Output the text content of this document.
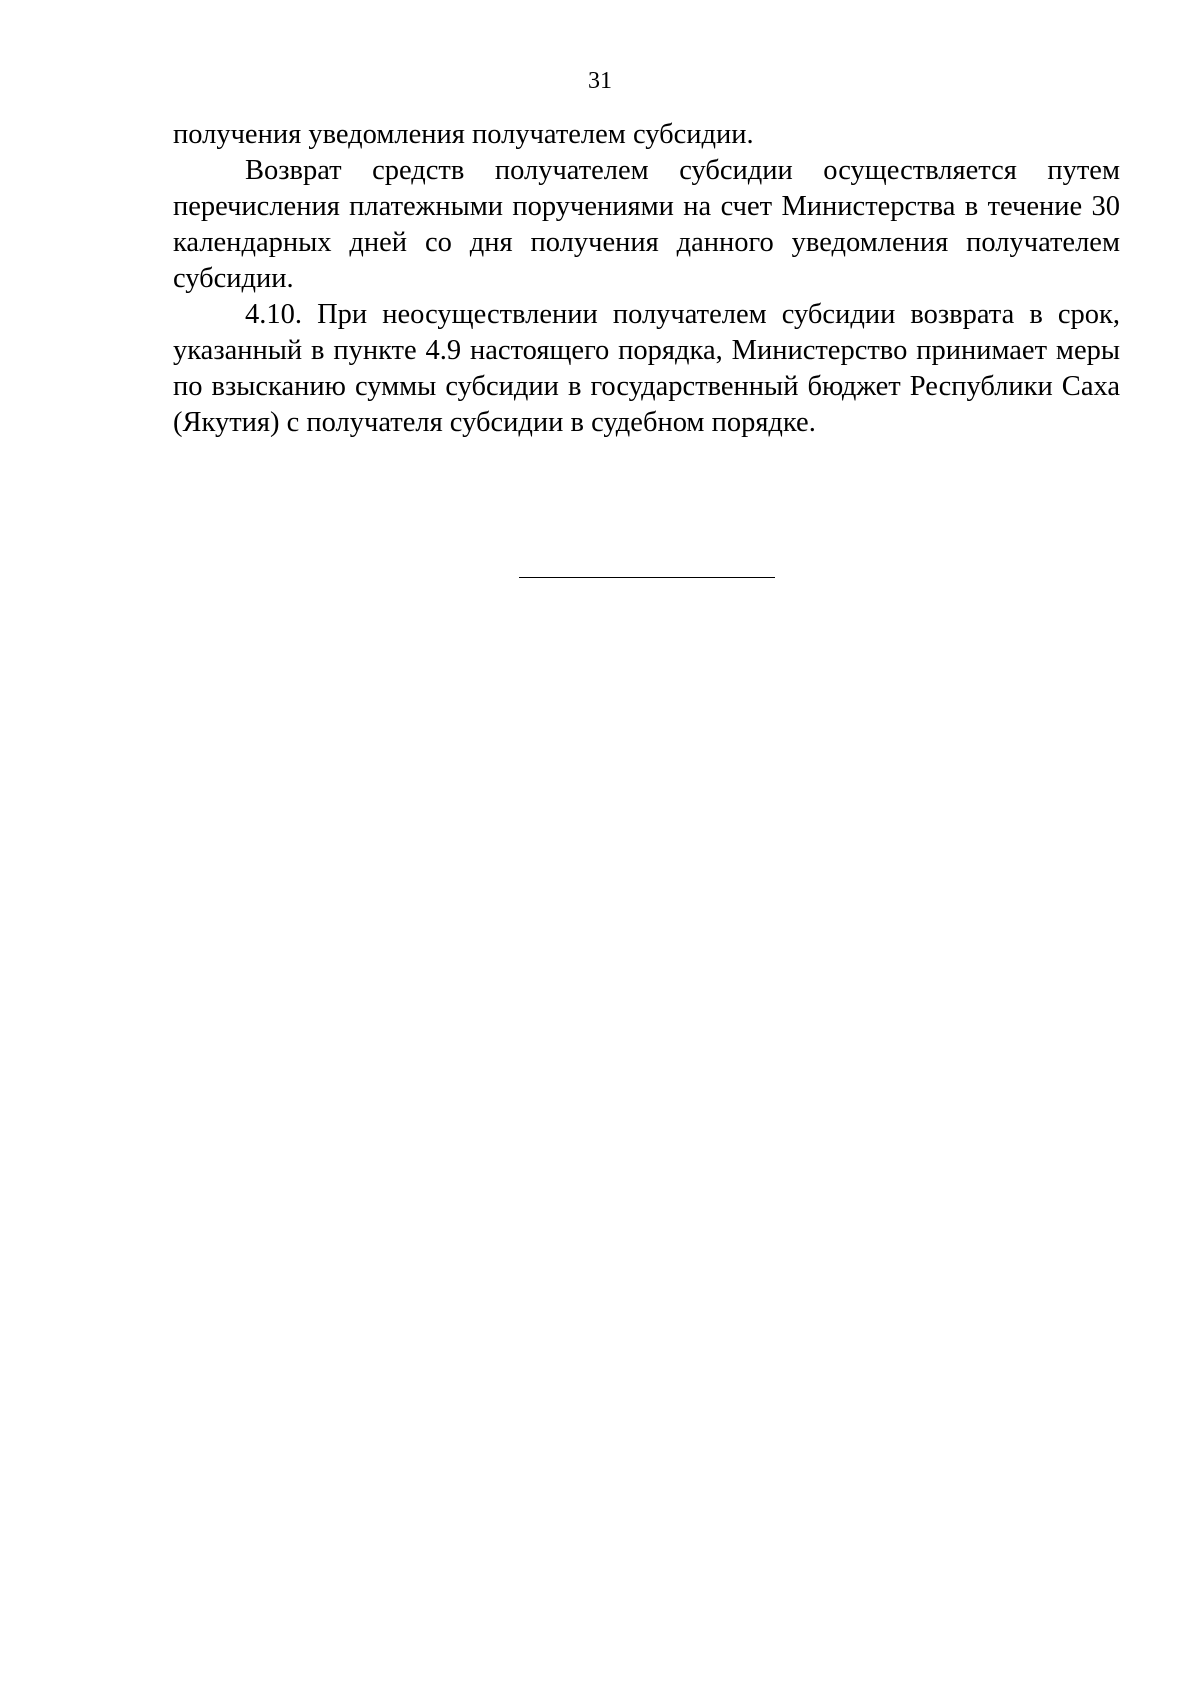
31

получения уведомления получателем субсидии.

Возврат средств получателем субсидии осуществляется путем перечисления платежными поручениями на счет Министерства в течение 30 календарных дней со дня получения данного уведомления получателем субсидии.

4.10. При неосуществлении получателем субсидии возврата в срок, указанный в пункте 4.9 настоящего порядка, Министерство принимает меры по взысканию суммы субсидии в государственный бюджет Республики Саха (Якутия) с получателя субсидии в судебном порядке.
